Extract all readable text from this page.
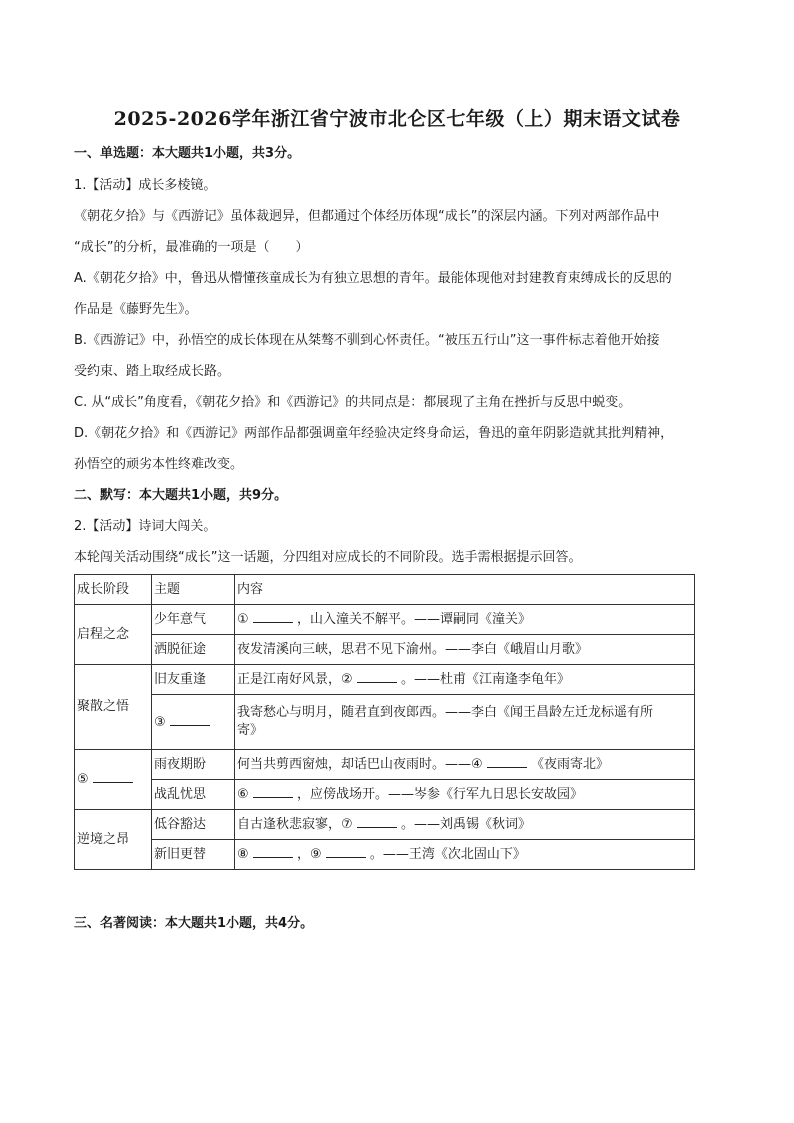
2025-2026学年浙江省宁波市北仑区七年级（上）期末语文试卷
一、单选题：本大题共1小题，共3分。
1.【活动】成长多棱镜。
《朝花夕拾》与《西游记》虽体裁迥异，但都通过个体经历体现“成长”的深层内涵。下列对两部作品中
“成长”的分析，最准确的一项是（　　）
A.《朝花夕拾》中，鲁迅从懵懂孩童成长为有独立思想的青年。最能体现他对封建教育束缚成长的反思的
作品是《藤野先生》。
B.《西游记》中，孙悟空的成长体现在从桀骜不驯到心怀责任。“被压五行山”这一事件标志着他开始接
受约束、踏上取经成长路。
C. 从“成长”角度看，《朝花夕拾》和《西游记》的共同点是：都展现了主角在挫折与反思中蜕变。
D.《朝花夕拾》和《西游记》两部作品都强调童年经验决定终身命运，鲁迅的童年阴影造就其批判精神，
孙悟空的顽劣本性终难改变。
二、默写：本大题共1小题，共9分。
2.【活动】诗词大闯关。
本轮闯关活动围绕“成长”这一话题，分四组对应成长的不同阶段。选手需根据提示回答。
成长阶段	主题	内容
启程之念	少年意气	① ，山入潼关不解平。——谭嗣同《潼关》
	洒脱征途	夜发清溪向三峡，思君不见下渝州。——李白《峨眉山月歌》
聚散之悟	旧友重逢	正是江南好风景，② 。——杜甫《江南逢李龟年》
	③	我寄愁心与明月，随君直到夜郎西。——李白《闻王昌龄左迁龙标遥有所
寄》
⑤	雨夜期盼	何当共剪西窗烛，却话巴山夜雨时。——④ 《夜雨寄北》
	战乱忧思	⑥ ，应傍战场开。——岑参《行军九日思长安故园》
逆境之昂	低谷豁达	自古逢秋悲寂寥，⑦ 。——刘禹锡《秋词》
	新旧更替	⑧ ，⑨ 。——王湾《次北固山下》
三、名著阅读：本大题共1小题，共4分。
